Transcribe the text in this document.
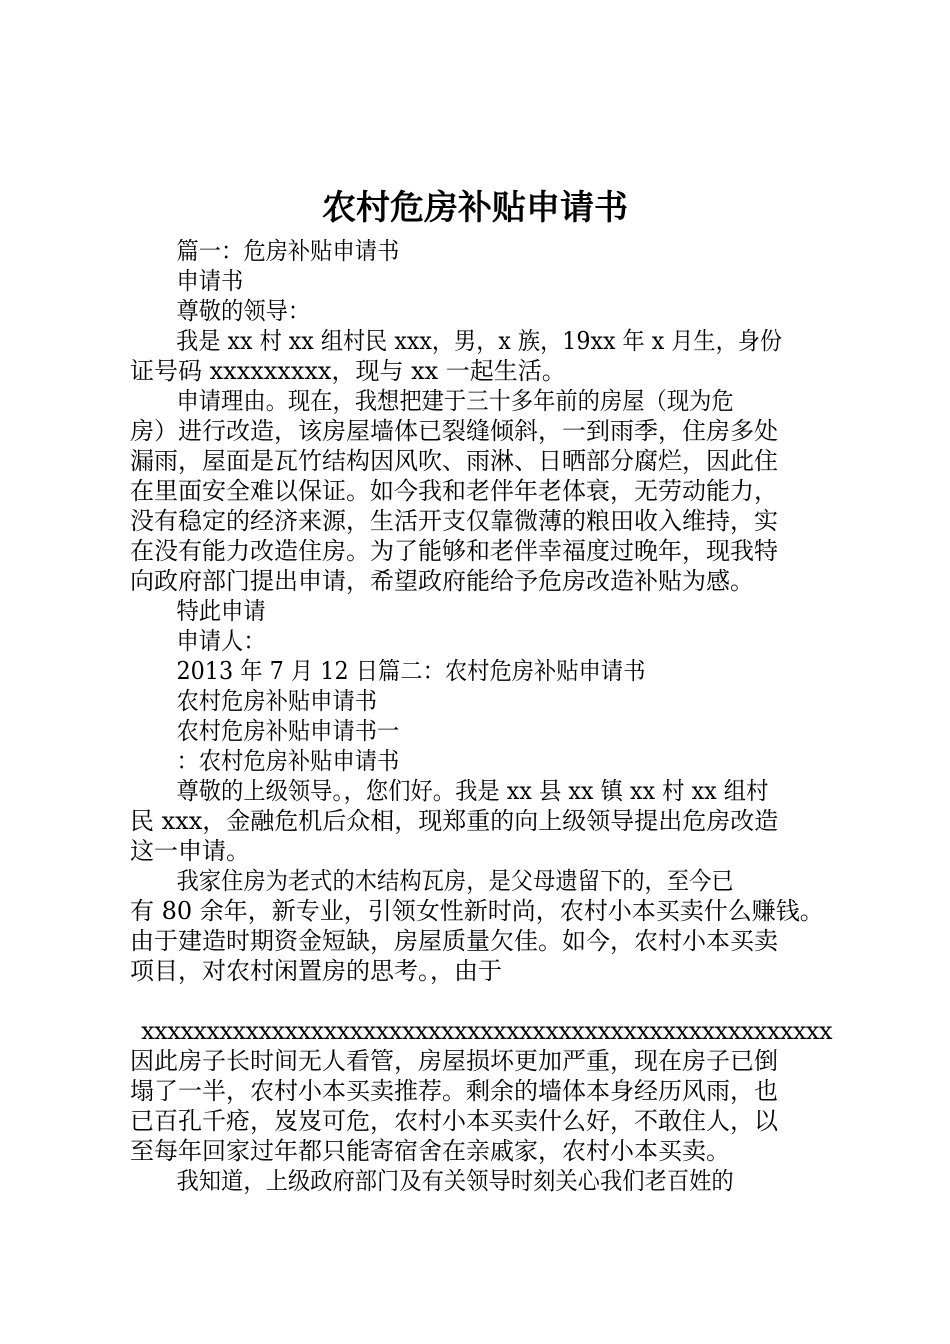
农村危房补贴申请书

篇一：危房补贴申请书

申请书

尊敬的领导：

我是 xx 村 xx 组村民 xxx，男，x 族，19xx 年 x 月生，身份

证号码 xxxxxxxxx，现与 xx 一起生活。

申请理由。现在，我想把建于三十多年前的房屋（现为危

房）进行改造，该房屋墙体已裂缝倾斜，一到雨季，住房多处

漏雨，屋面是瓦竹结构因风吹、雨淋、日晒部分腐烂，因此住

在里面安全难以保证。如今我和老伴年老体衰，无劳动能力，

没有稳定的经济来源，生活开支仅靠微薄的粮田收入维持，实

在没有能力改造住房。为了能够和老伴幸福度过晚年，现我特

向政府部门提出申请，希望政府能给予危房改造补贴为感。

特此申请

申请人：

2013 年 7 月 12 日篇二：农村危房补贴申请书

农村危房补贴申请书

农村危房补贴申请书一

：农村危房补贴申请书

尊敬的上级领导。，您们好。我是 xx 县 xx 镇 xx 村 xx 组村

民 xxx，金融危机后众相，现郑重的向上级领导提出危房改造

这一申请。

我家住房为老式的木结构瓦房，是父母遗留下的，至今已

有 80 余年，新专业，引领女性新时尚，农村小本买卖什么赚钱。

由于建造时期资金短缺，房屋质量欠佳。如今，农村小本买卖

项目，对农村闲置房的思考。，由于

xxxxxxxxxxxxxxxxxxxxxxxxxxxxxxxxxxxxxxxxxxxxxxxxxxxxx

因此房子长时间无人看管，房屋损坏更加严重，现在房子已倒

塌了一半，农村小本买卖推荐。剩余的墙体本身经历风雨，也

已百孔千疮，岌岌可危，农村小本买卖什么好，不敢住人，以

至每年回家过年都只能寄宿舍在亲戚家，农村小本买卖。

我知道，上级政府部门及有关领导时刻关心我们老百姓的
